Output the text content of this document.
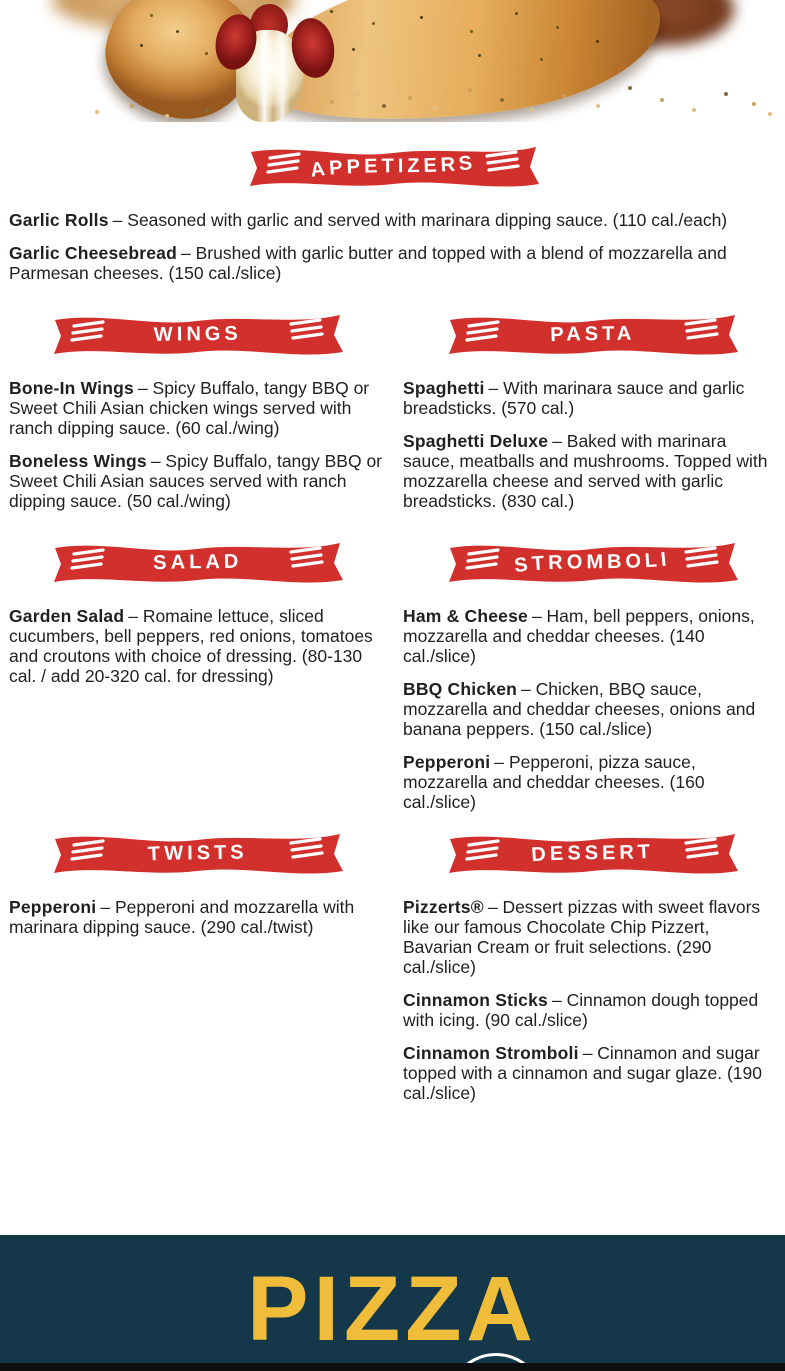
APPETIZERS

Garlic Rolls – Seasoned with garlic and served with marinara dipping sauce. (110 cal./each)

Garlic Cheesebread – Brushed with garlic butter and topped with a blend of mozzarella and Parmesan cheeses. (150 cal./slice)

WINGS

Bone-In Wings – Spicy Buffalo, tangy BBQ or Sweet Chili Asian chicken wings served with ranch dipping sauce. (60 cal./wing)

Boneless Wings – Spicy Buffalo, tangy BBQ or Sweet Chili Asian sauces served with ranch dipping sauce. (50 cal./wing)

PASTA

Spaghetti – With marinara sauce and garlic breadsticks. (570 cal.)

Spaghetti Deluxe – Baked with marinara sauce, meatballs and mushrooms. Topped with mozzarella cheese and served with garlic breadsticks. (830 cal.)

SALAD

Garden Salad – Romaine lettuce, sliced cucumbers, bell peppers, red onions, tomatoes and croutons with choice of dressing. (80-130 cal. / add 20-320 cal. for dressing)

STROMBOLI

Ham & Cheese – Ham, bell peppers, onions, mozzarella and cheddar cheeses. (140 cal./slice)

BBQ Chicken – Chicken, BBQ sauce, mozzarella and cheddar cheeses, onions and banana peppers. (150 cal./slice)

Pepperoni – Pepperoni, pizza sauce, mozzarella and cheddar cheeses. (160 cal./slice)

TWISTS

Pepperoni – Pepperoni and mozzarella with marinara dipping sauce. (290 cal./twist)

DESSERT

Pizzerts® – Dessert pizzas with sweet flavors like our famous Chocolate Chip Pizzert, Bavarian Cream or fruit selections. (290 cal./slice)

Cinnamon Sticks – Cinnamon dough topped with icing. (90 cal./slice)

Cinnamon Stromboli – Cinnamon and sugar topped with a cinnamon and sugar glaze. (190 cal./slice)

PIZZA
